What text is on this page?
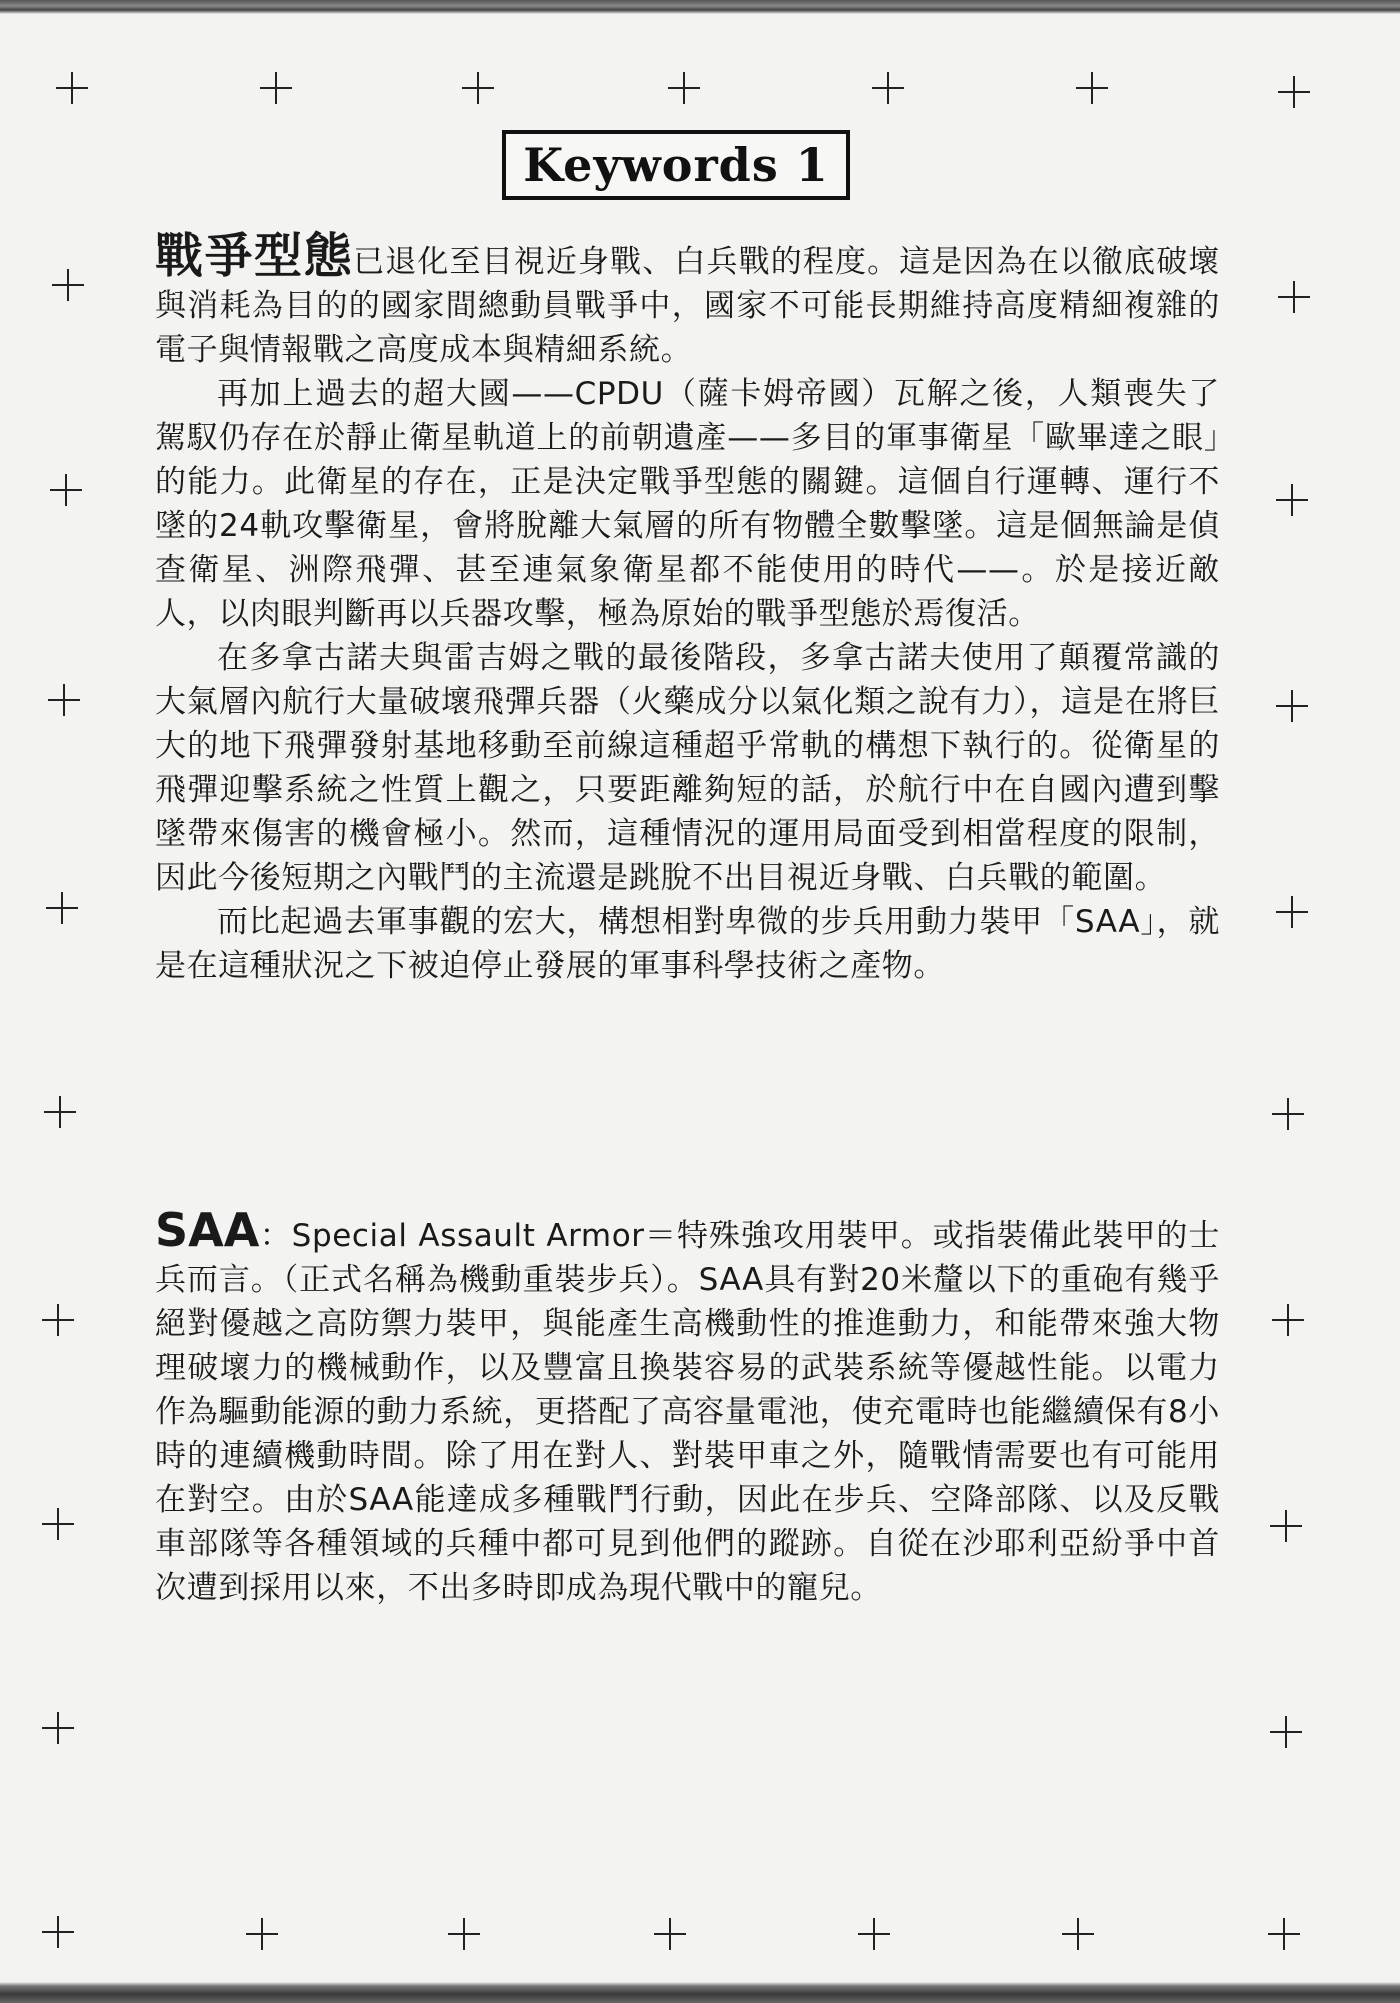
Keywords 1

戰爭型態已退化至目視近身戰、白兵戰的程度。這是因為在以徹底破壞與消耗為目的的國家間總動員戰爭中，國家不可能長期維持高度精細複雜的電子與情報戰之高度成本與精細系統。

再加上過去的超大國——CPDU（薩卡姆帝國）瓦解之後，人類喪失了駕馭仍存在於靜止衛星軌道上的前朝遺產——多目的軍事衛星「歐畢達之眼」的能力。此衛星的存在，正是決定戰爭型態的關鍵。這個自行運轉、運行不墜的24軌攻擊衛星，會將脫離大氣層的所有物體全數擊墜。這是個無論是偵查衛星、洲際飛彈、甚至連氣象衛星都不能使用的時代——。於是接近敵人，以肉眼判斷再以兵器攻擊，極為原始的戰爭型態於焉復活。

在多拿古諾夫與雷吉姆之戰的最後階段，多拿古諾夫使用了顛覆常識的大氣層內航行大量破壞飛彈兵器（火藥成分以氣化類之說有力），這是在將巨大的地下飛彈發射基地移動至前線這種超乎常軌的構想下執行的。從衛星的飛彈迎擊系統之性質上觀之，只要距離夠短的話，於航行中在自國內遭到擊墜帶來傷害的機會極小。然而，這種情況的運用局面受到相當程度的限制，因此今後短期之內戰鬥的主流還是跳脫不出目視近身戰、白兵戰的範圍。

而比起過去軍事觀的宏大，構想相對卑微的步兵用動力裝甲「SAA」，就是在這種狀況之下被迫停止發展的軍事科學技術之產物。

SAA：Special Assault Armor＝特殊強攻用裝甲。或指裝備此裝甲的士兵而言。（正式名稱為機動重裝步兵）。SAA具有對20米釐以下的重砲有幾乎絕對優越之高防禦力裝甲，與能產生高機動性的推進動力，和能帶來強大物理破壞力的機械動作，以及豐富且換裝容易的武裝系統等優越性能。以電力作為驅動能源的動力系統，更搭配了高容量電池，使充電時也能繼續保有8小時的連續機動時間。除了用在對人、對裝甲車之外，隨戰情需要也有可能用在對空。由於SAA能達成多種戰鬥行動，因此在步兵、空降部隊、以及反戰車部隊等各種領域的兵種中都可見到他們的蹤跡。自從在沙耶利亞紛爭中首次遭到採用以來，不出多時即成為現代戰中的寵兒。
